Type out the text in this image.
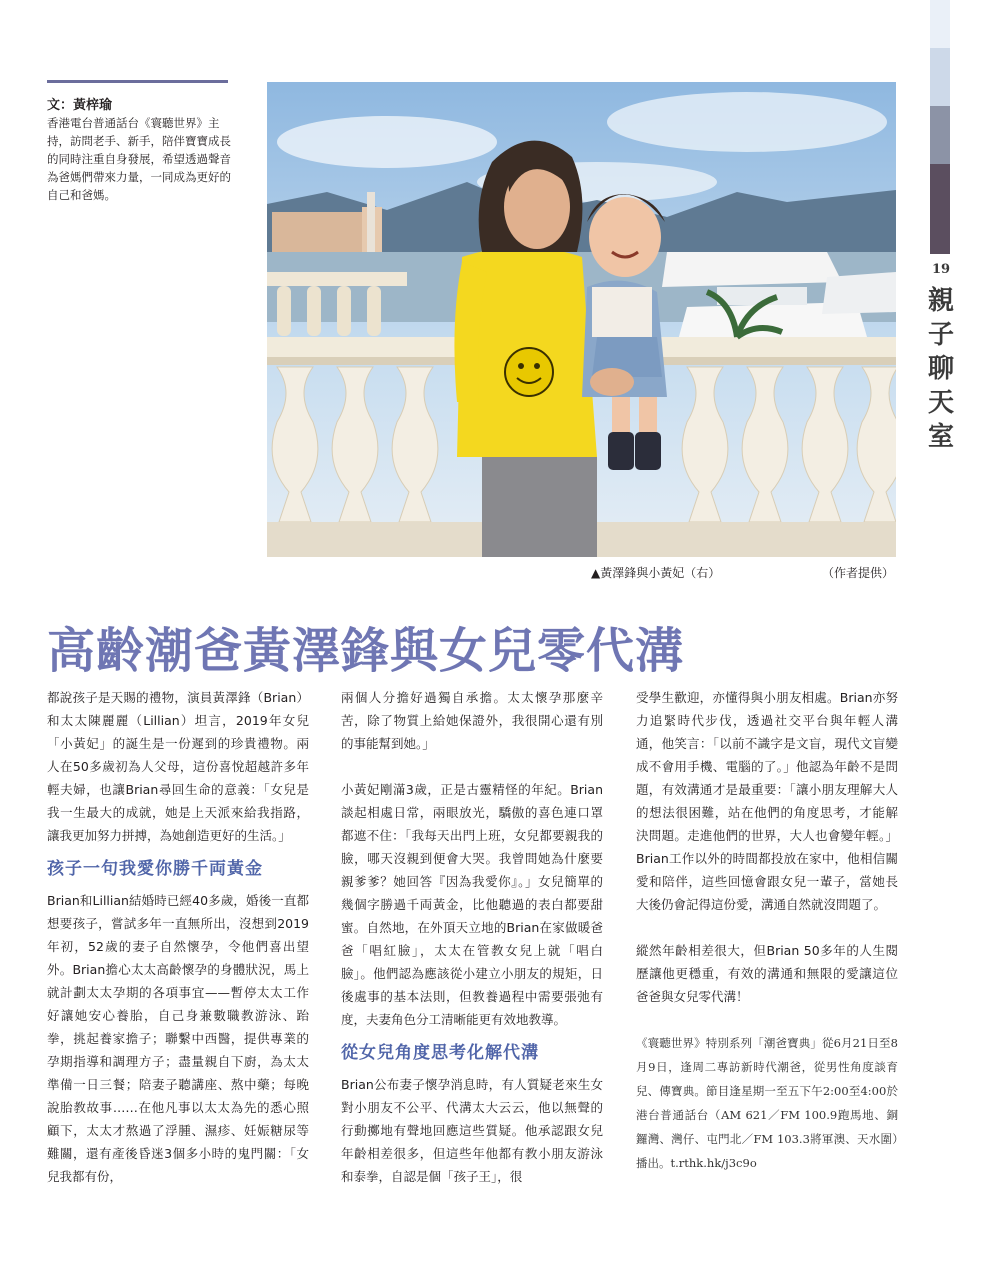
19
親
子
聊
天
室
文：黃梓瑜
香港電台普通話台《寰聽世界》主持，訪問老手、新手，陪伴寶寶成長的同時注重自身發展，希望透過聲音為爸媽們帶來力量，一同成為更好的自己和爸媽。
▲黃澤鋒與小黃妃（右）	（作者提供）
高齡潮爸黃澤鋒與女兒零代溝

都說孩子是天賜的禮物，演員黃澤鋒（Brian）和太太陳麗麗（Lillian）坦言，2019年女兒「小黃妃」的誕生是一份遲到的珍貴禮物。兩人在50多歲初為人父母，這份喜悅超越許多年輕夫婦，也讓Brian尋回生命的意義：「女兒是我一生最大的成就，她是上天派來給我指路，讓我更加努力拼搏，為她創造更好的生活。」

孩子一句我愛你勝千両黃金

Brian和Lillian結婚時已經40多歲，婚後一直都想要孩子，嘗試多年一直無所出，沒想到2019年初，52歲的妻子自然懷孕，令他們喜出望外。Brian擔心太太高齡懷孕的身體狀況，馬上就計劃太太孕期的各項事宜——暫停太太工作好讓她安心養胎，自己身兼數職教游泳、跆拳，挑起養家擔子；聯繫中西醫，提供專業的孕期指導和調理方子；盡量親自下廚，為太太準備一日三餐；陪妻子聽講座、熬中藥；每晚說胎教故事……在他凡事以太太為先的悉心照顧下，太太才熬過了浮腫、濕疹、妊娠糖尿等難關，還有產後昏迷3個多小時的鬼門關：「女兒我都有份，

兩個人分擔好過獨自承擔。太太懷孕那麼辛苦，除了物質上給她保證外，我很開心還有別的事能幫到她。」

小黃妃剛滿3歲，正是古靈精怪的年紀。Brian談起相處日常，兩眼放光，驕傲的喜色連口罩都遮不住：「我每天出門上班，女兒都要親我的臉，哪天沒親到便會大哭。我曾問她為什麼要親爹爹？她回答『因為我愛你』。」女兒簡單的幾個字勝過千両黃金，比他聽過的表白都要甜蜜。自然地，在外頂天立地的Brian在家做暖爸爸「唱紅臉」，太太在管教女兒上就「唱白臉」。他們認為應該從小建立小朋友的規矩，日後處事的基本法則，但教養過程中需要張弛有度，夫妻角色分工清晰能更有效地教導。

從女兒角度思考化解代溝

Brian公布妻子懷孕消息時，有人質疑老來生女對小朋友不公平、代溝太大云云，他以無聲的行動擲地有聲地回應這些質疑。他承認跟女兒年齡相差很多，但這些年他都有教小朋友游泳和泰拳，自認是個「孩子王」，很

受學生歡迎，亦懂得與小朋友相處。Brian亦努力追緊時代步伐，透過社交平台與年輕人溝通，他笑言：「以前不識字是文盲，現代文盲變成不會用手機、電腦的了。」他認為年齡不是問題，有效溝通才是最重要：「讓小朋友理解大人的想法很困難，站在他們的角度思考，才能解決問題。走進他們的世界，大人也會變年輕。」Brian工作以外的時間都投放在家中，他相信關愛和陪伴，這些回憶會跟女兒一輩子，當她長大後仍會記得這份愛，溝通自然就沒問題了。

縱然年齡相差很大，但Brian 50多年的人生閱歷讓他更穩重，有效的溝通和無限的愛讓這位爸爸與女兒零代溝！

《寰聽世界》特別系列「潮爸寶典」從6月21日至8月9日，逢周二專訪新時代潮爸，從男性角度談育兒、傳寶典。節目逢星期一至五下午2:00至4:00於港台普通話台（AM 621／FM 100.9跑馬地、銅鑼灣、灣仔、屯門北／FM 103.3將軍澳、天水圍）播出。t.rthk.hk/j3c9o
